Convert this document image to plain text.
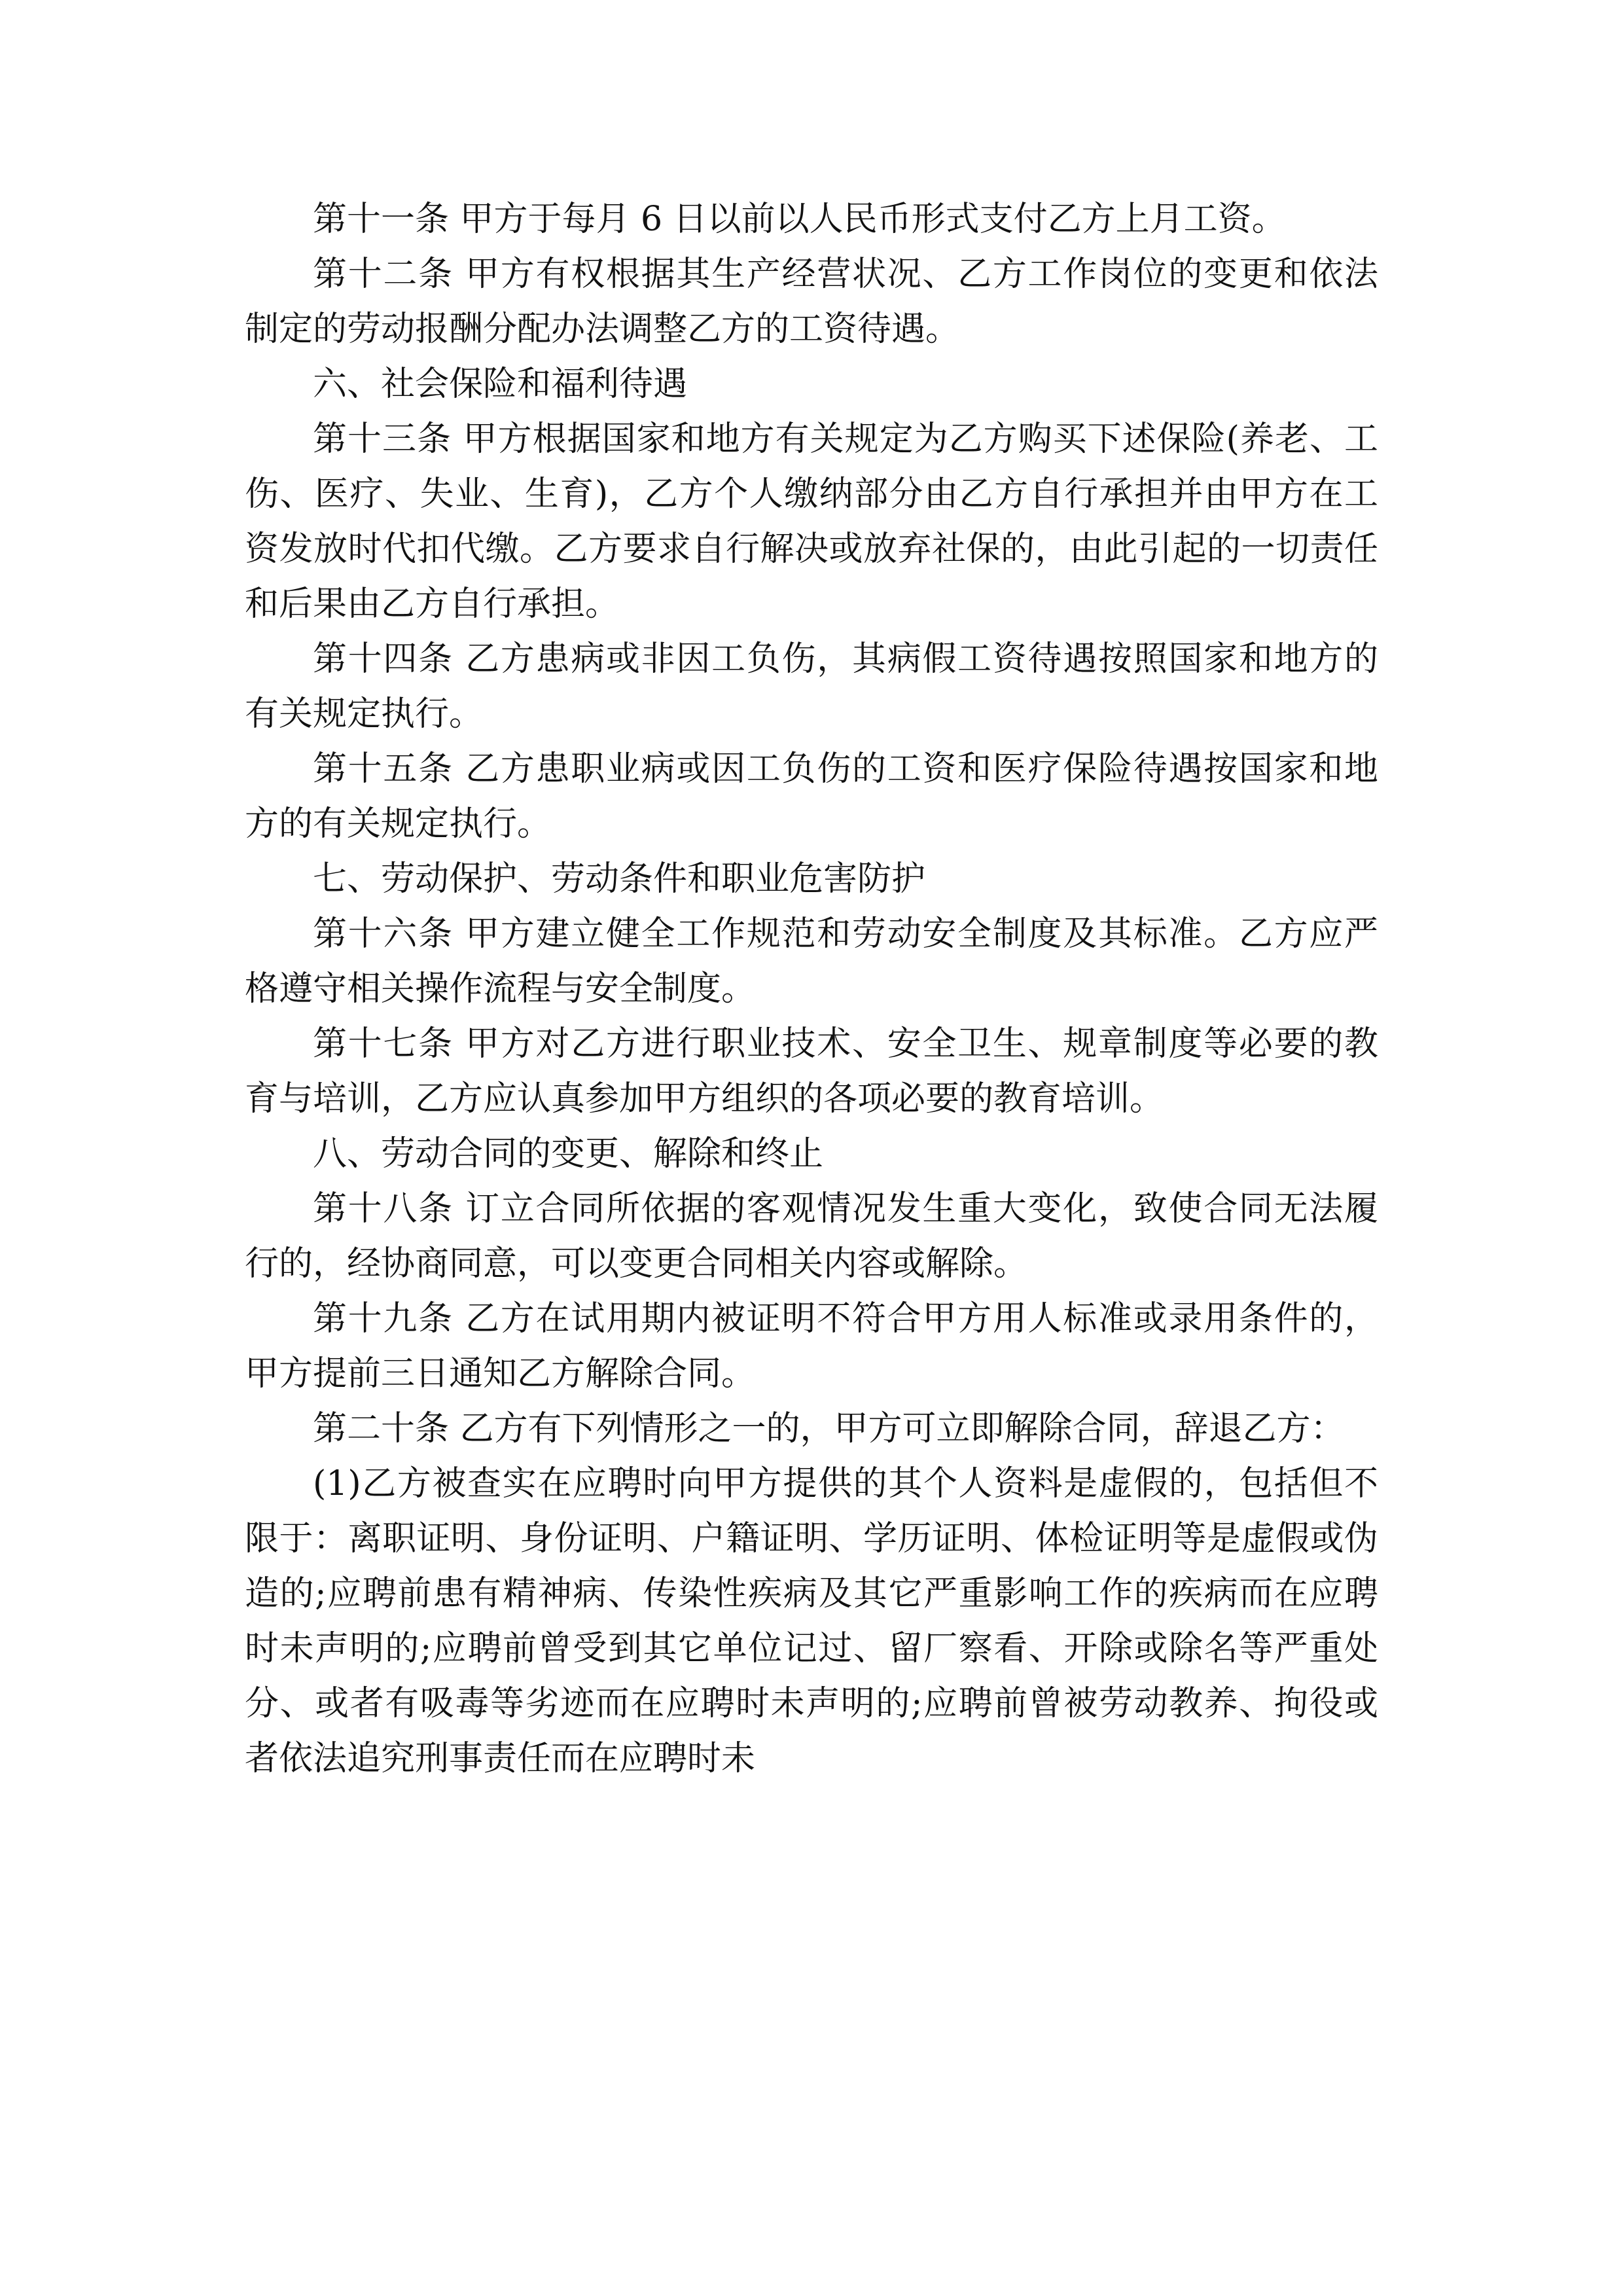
第十一条 甲方于每月 6 日以前以人民币形式支付乙方上月工资。

第十二条 甲方有权根据其生产经营状况、乙方工作岗位的变更和依法制定的劳动报酬分配办法调整乙方的工资待遇。

六、社会保险和福利待遇

第十三条 甲方根据国家和地方有关规定为乙方购买下述保险(养老、工伤、医疗、失业、生育)，乙方个人缴纳部分由乙方自行承担并由甲方在工资发放时代扣代缴。乙方要求自行解决或放弃社保的，由此引起的一切责任和后果由乙方自行承担。

第十四条 乙方患病或非因工负伤，其病假工资待遇按照国家和地方的有关规定执行。

第十五条 乙方患职业病或因工负伤的工资和医疗保险待遇按国家和地方的有关规定执行。

七、劳动保护、劳动条件和职业危害防护

第十六条 甲方建立健全工作规范和劳动安全制度及其标准。乙方应严格遵守相关操作流程与安全制度。

第十七条 甲方对乙方进行职业技术、安全卫生、规章制度等必要的教育与培训，乙方应认真参加甲方组织的各项必要的教育培训。

八、劳动合同的变更、解除和终止

第十八条 订立合同所依据的客观情况发生重大变化，致使合同无法履行的，经协商同意，可以变更合同相关内容或解除。

第十九条 乙方在试用期内被证明不符合甲方用人标准或录用条件的，甲方提前三日通知乙方解除合同。

第二十条 乙方有下列情形之一的，甲方可立即解除合同，辞退乙方：

(1)乙方被查实在应聘时向甲方提供的其个人资料是虚假的，包括但不限于：离职证明、身份证明、户籍证明、学历证明、体检证明等是虚假或伪造的;应聘前患有精神病、传染性疾病及其它严重影响工作的疾病而在应聘时未声明的;应聘前曾受到其它单位记过、留厂察看、开除或除名等严重处分、或者有吸毒等劣迹而在应聘时未声明的;应聘前曾被劳动教养、拘役或者依法追究刑事责任而在应聘时未
